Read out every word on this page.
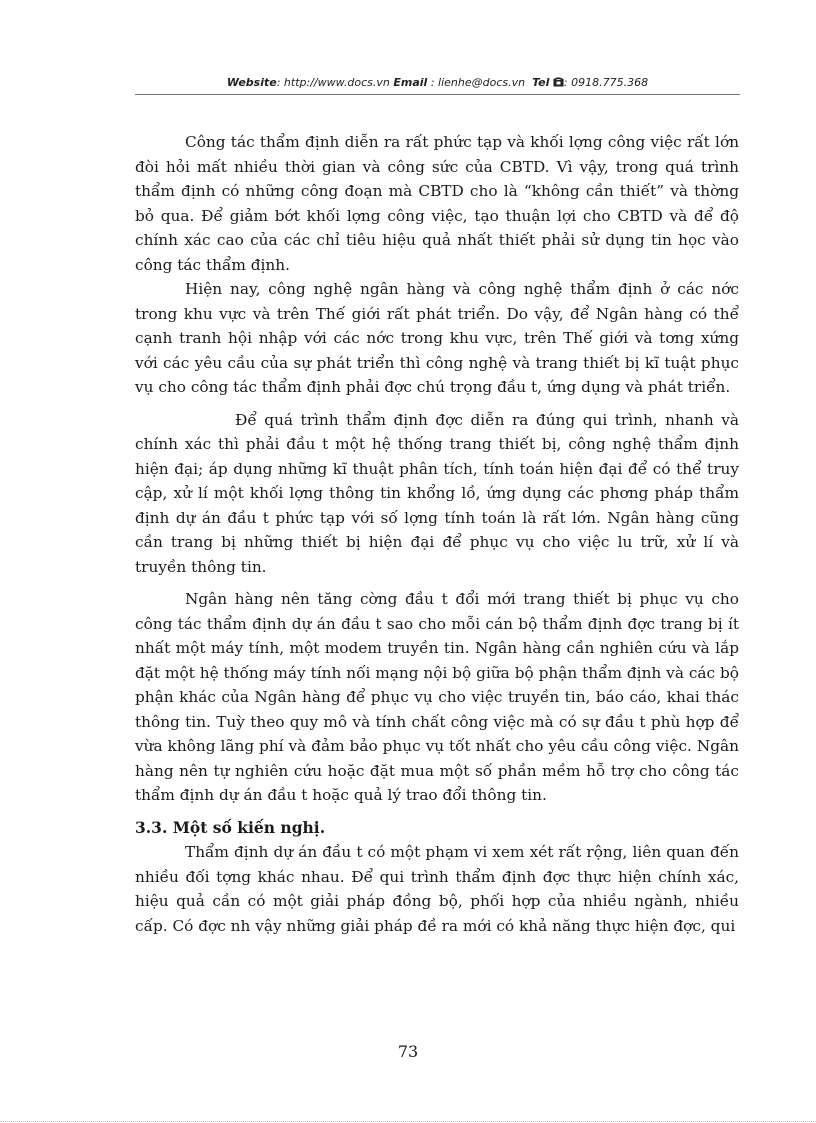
Website: http://www.docs.vn Email : lienhe@docs.vn Tel : 0918.775.368

Công tác thẩm định diễn ra rất phức tạp và khối lợng công việc rất lớn đòi hỏi mất nhiều thời gian và công sức của CBTD. Vì vậy, trong quá trình thẩm định có những công đoạn mà CBTD cho là “không cần thiết” và thờng bỏ qua. Để giảm bớt khối lợng công việc, tạo thuận lợi cho CBTD và để độ chính xác cao của các chỉ tiêu hiệu quả nhất thiết phải sử dụng tin học vào công tác thẩm định.

Hiện nay, công nghệ ngân hàng và công nghệ thẩm định ở các nớc trong khu vực và trên Thế giới rất phát triển. Do vậy, để Ngân hàng có thể cạnh tranh hội nhập với các nớc trong khu vực, trên Thế giới và tơng xứng với các yêu cầu của sự phát triển thì công nghệ và trang thiết bị kĩ tuật phục vụ cho công tác thẩm định phải đợc chú trọng đầu t, ứng dụng và phát triển.

Để quá trình thẩm định đợc diễn ra đúng qui trình, nhanh và chính xác thì phải đầu t một hệ thống trang thiết bị, công nghệ thẩm định hiện đại; áp dụng những kĩ thuật phân tích, tính toán hiện đại để có thể truy cập, xử lí một khối lợng thông tin khổng lồ, ứng dụng các phơng pháp thẩm định dự án đầu t phức tạp với số lợng tính toán là rất lớn. Ngân hàng cũng cần trang bị những thiết bị hiện đại để phục vụ cho việc lu trữ, xử lí và truyền thông tin.

Ngân hàng nên tăng cờng đầu t đổi mới trang thiết bị phục vụ cho công tác thẩm định dự án đầu t sao cho mỗi cán bộ thẩm định đợc trang bị ít nhất một máy tính, một modem truyền tin. Ngân hàng cần nghiên cứu và lắp đặt một hệ thống máy tính nối mạng nội bộ giữa bộ phận thẩm định và các bộ phận khác của Ngân hàng để phục vụ cho việc truyền tin, báo cáo, khai thác thông tin. Tuỳ theo quy mô và tính chất công việc mà có sự đầu t phù hợp để vừa không lãng phí và đảm bảo phục vụ tốt nhất cho yêu cầu công việc. Ngân hàng nên tự nghiên cứu hoặc đặt mua một số phần mềm hỗ trợ cho công tác thẩm định dự án đầu t hoặc quả lý trao đổi thông tin.

3.3. Một số kiến nghị.

Thẩm định dự án đầu t có một phạm vi xem xét rất rộng, liên quan đến nhiều đối tợng khác nhau. Để qui trình thẩm định đợc thực hiện chính xác, hiệu quả cần có một giải pháp đồng bộ, phối hợp của nhiều ngành, nhiều cấp. Có đợc nh vậy những giải pháp đề ra mới có khả năng thực hiện đợc, qui

73
